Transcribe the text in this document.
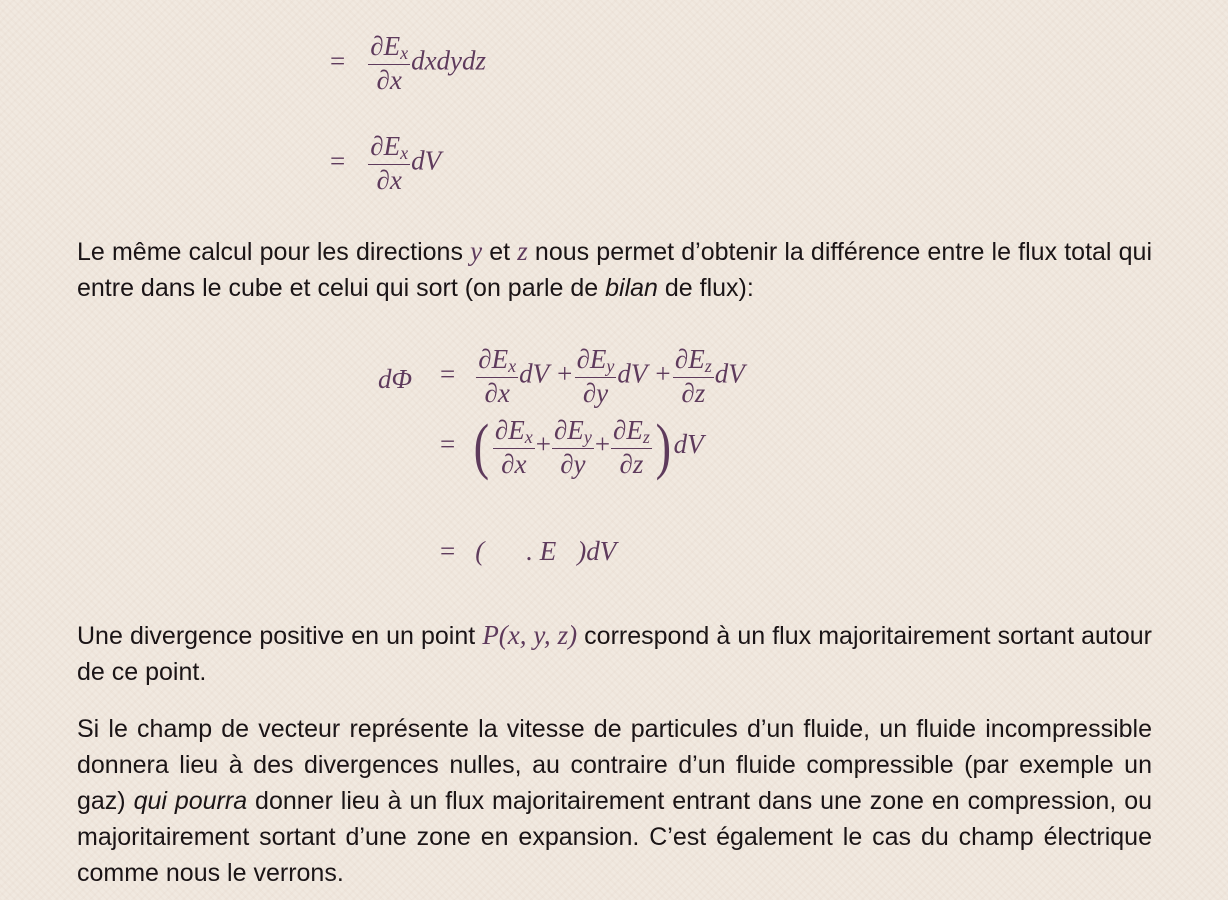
= $\frac{\partial E_x}{\partial x}$ dxdydz
= $\frac{\partial E_x}{\partial x}$ dV

Le même calcul pour les directions y et z nous permet d’obtenir la différence entre le flux total qui entre dans le cube et celui qui sort (on parle de bilan de flux):

$d\Phi = \frac{\partial E_x}{\partial x}$ dV + $\frac{\partial E_y}{\partial y}$ dV + $\frac{\partial E_z}{\partial z}$ dV
= ( $\frac{\partial E_x}{\partial x} + \frac{\partial E_y}{\partial y} + \frac{\partial E_z}{\partial z} )dV$
= (∇⃗. E⃗)dV

Une divergence positive en un point P(x, y, z) correspond à un flux majoritairement sortant autour de ce point.

Si le champ de vecteur représente la vitesse de particules d’un fluide, un fluide incompressible donnera lieu à des divergences nulles, au contraire d’un fluide compressible (par exemple un gaz) qui pourra donner lieu à un flux majoritairement entrant dans une zone en compression, ou majoritairement sortant d’une zone en expansion. C’est également le cas du champ électrique comme nous le verrons.
